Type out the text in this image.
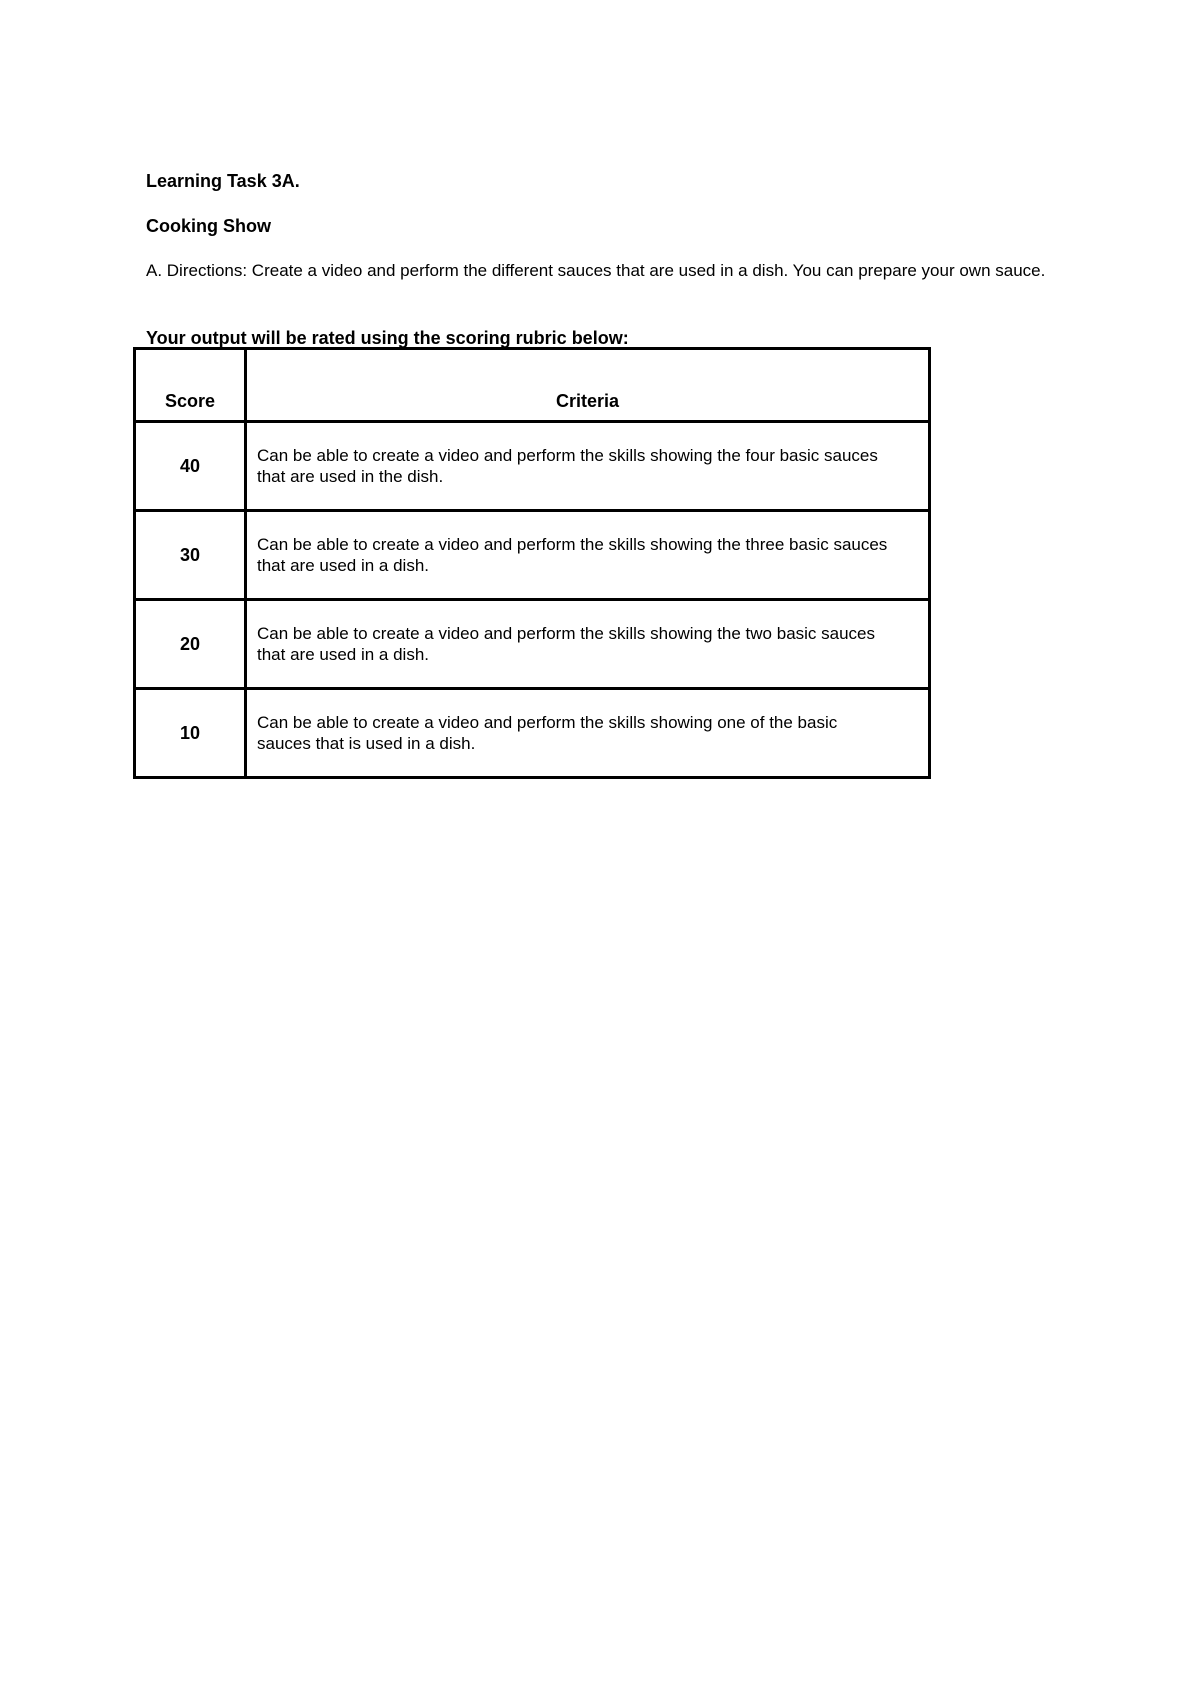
Learning Task 3A.

Cooking Show

A. Directions: Create a video and perform the different sauces that are used in a dish. You can prepare your own sauce.

Your output will be rated using the scoring rubric below:

Score	Criteria
40	Can be able to create a video and perform the skills showing the four basic sauces that are used in the dish.
30	Can be able to create a video and perform the skills showing the three basic sauces that are used in a dish.
20	Can be able to create a video and perform the skills showing the two basic sauces that are used in a dish.
10	Can be able to create a video and perform the skills showing one of the basic sauces that is used in a dish.
